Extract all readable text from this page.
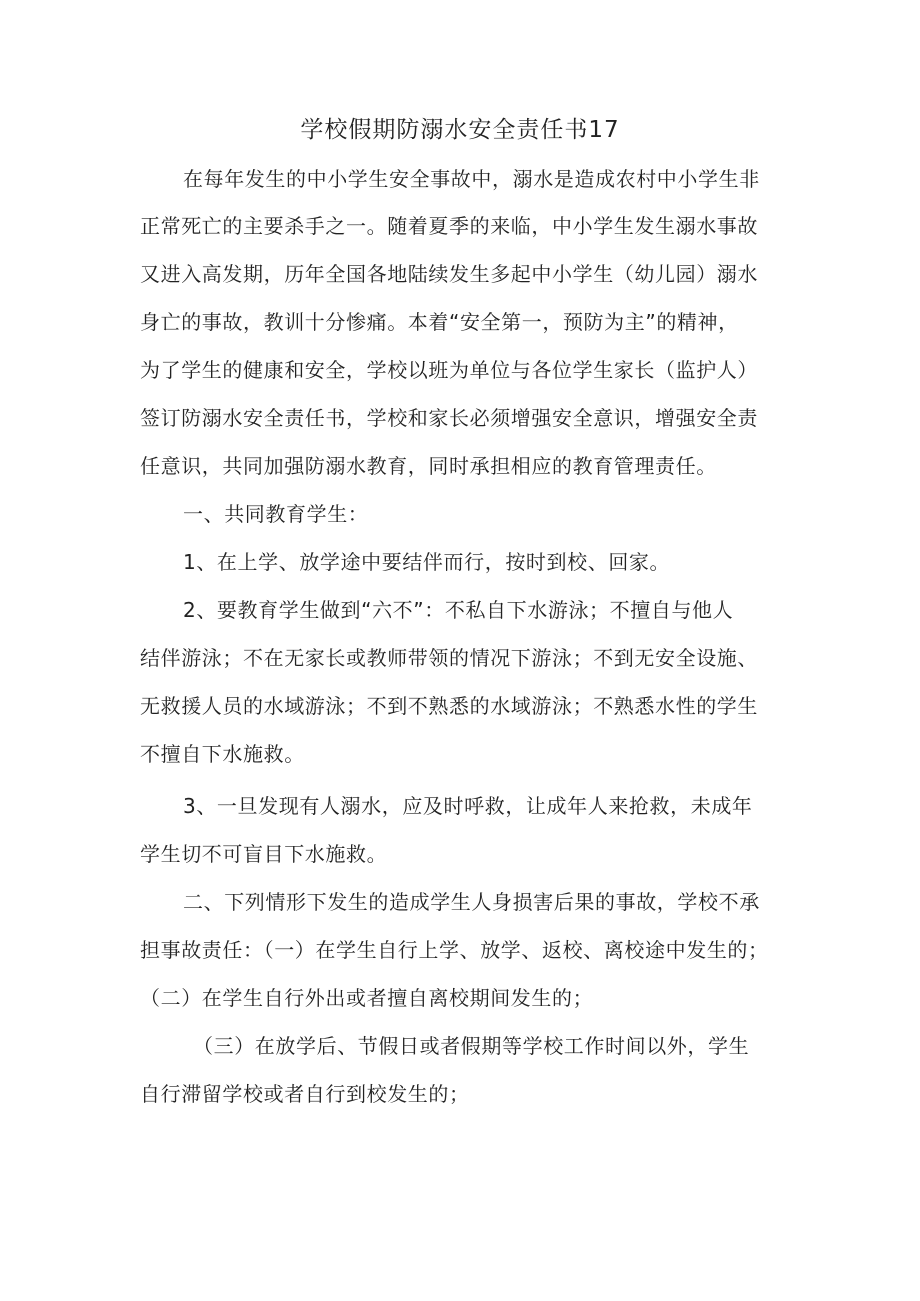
学校假期防溺水安全责任书17
在每年发生的中小学生安全事故中，溺水是造成农村中小学生非
正常死亡的主要杀手之一。随着夏季的来临，中小学生发生溺水事故
又进入高发期，历年全国各地陆续发生多起中小学生（幼儿园）溺水
身亡的事故，教训十分惨痛。本着“安全第一，预防为主”的精神，
为了学生的健康和安全，学校以班为单位与各位学生家长（监护人）
签订防溺水安全责任书，学校和家长必须增强安全意识，增强安全责
任意识，共同加强防溺水教育，同时承担相应的教育管理责任。
一、共同教育学生：
1、在上学、放学途中要结伴而行，按时到校、回家。
2、要教育学生做到“六不”：不私自下水游泳；不擅自与他人
结伴游泳；不在无家长或教师带领的情况下游泳；不到无安全设施、
无救援人员的水域游泳；不到不熟悉的水域游泳；不熟悉水性的学生
不擅自下水施救。
3、一旦发现有人溺水，应及时呼救，让成年人来抢救，未成年
学生切不可盲目下水施救。
二、下列情形下发生的造成学生人身损害后果的事故，学校不承
担事故责任：（一）在学生自行上学、放学、返校、离校途中发生的；
（二）在学生自行外出或者擅自离校期间发生的；
（三）在放学后、节假日或者假期等学校工作时间以外，学生
自行滞留学校或者自行到校发生的；
